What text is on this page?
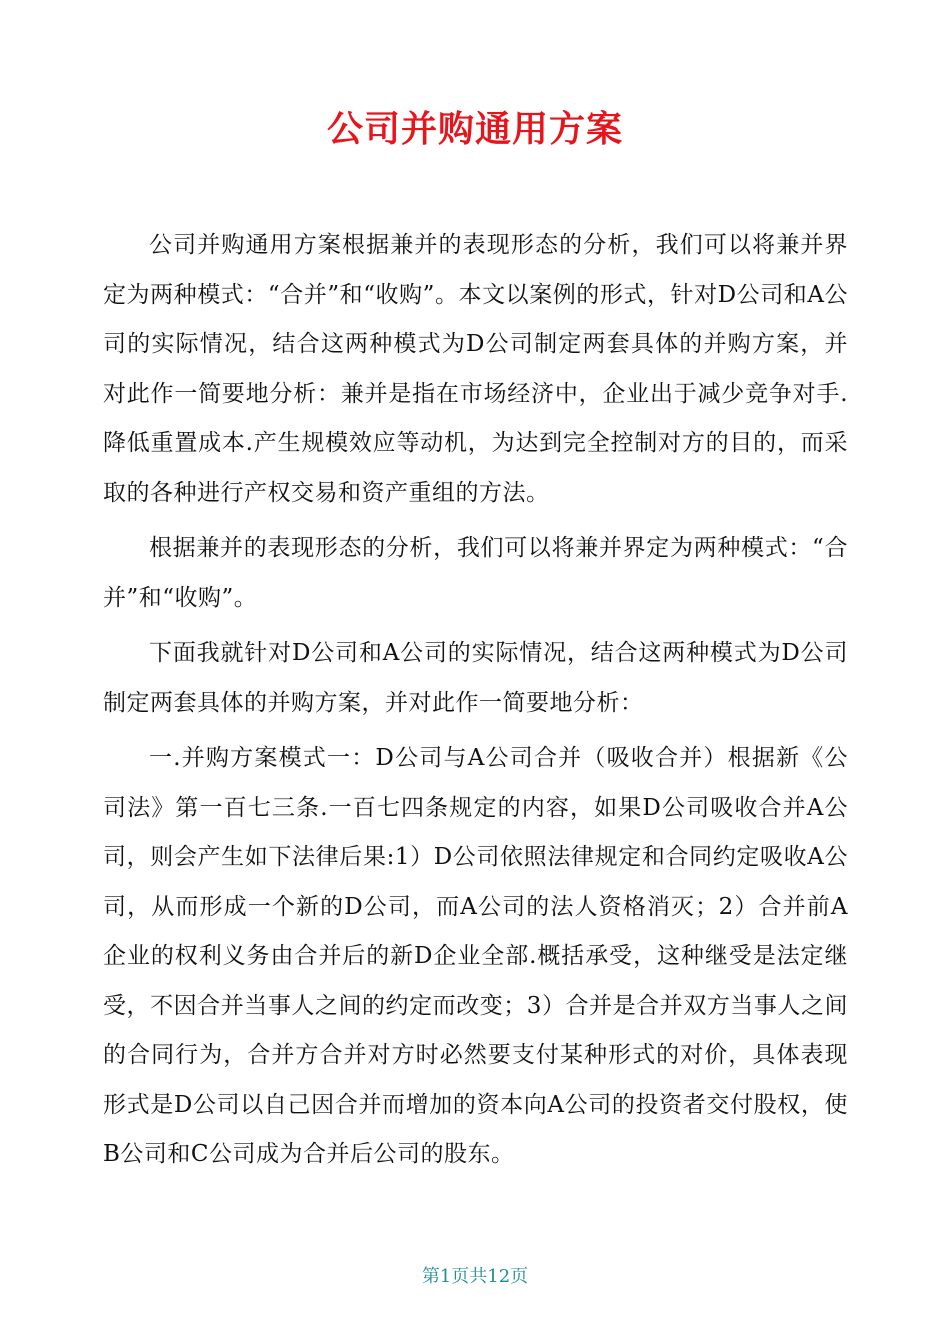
公司并购通用方案

公司并购通用方案根据兼并的表现形态的分析，我们可以将兼并界定为两种模式：“合并”和“收购”。本文以案例的形式，针对D公司和A公司的实际情况，结合这两种模式为D公司制定两套具体的并购方案，并对此作一简要地分析：兼并是指在市场经济中，企业出于减少竞争对手.降低重置成本.产生规模效应等动机，为达到完全控制对方的目的，而采取的各种进行产权交易和资产重组的方法。

根据兼并的表现形态的分析，我们可以将兼并界定为两种模式：“合并”和“收购”。

下面我就针对D公司和A公司的实际情况，结合这两种模式为D公司制定两套具体的并购方案，并对此作一简要地分析：

一.并购方案模式一：D公司与A公司合并（吸收合并）根据新《公司法》第一百七三条.一百七四条规定的内容，如果D公司吸收合并A公司，则会产生如下法律后果:1）D公司依照法律规定和合同约定吸收A公司，从而形成一个新的D公司，而A公司的法人资格消灭；2）合并前A企业的权利义务由合并后的新D企业全部.概括承受，这种继受是法定继受，不因合并当事人之间的约定而改变；3）合并是合并双方当事人之间的合同行为，合并方合并对方时必然要支付某种形式的对价，具体表现形式是D公司以自己因合并而增加的资本向A公司的投资者交付股权，使B公司和C公司成为合并后公司的股东。

第1页共12页
